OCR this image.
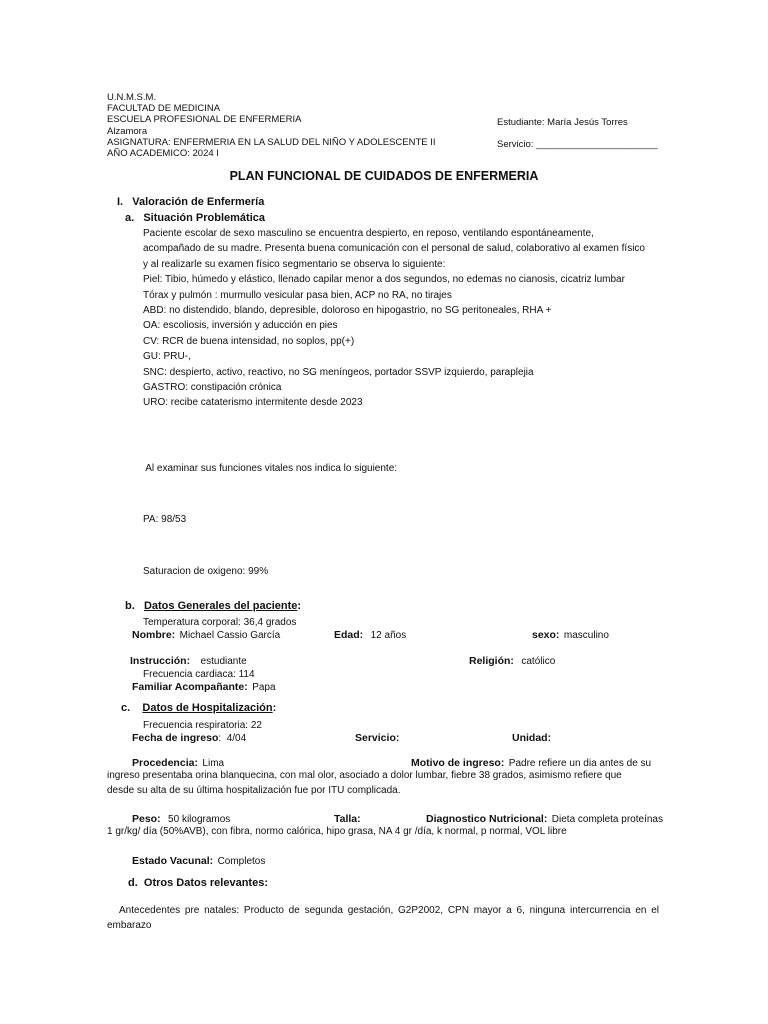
U.N.M.S.M.
FACULTAD DE MEDICINA
ESCUELA PROFESIONAL DE ENFERMERIA
Alzamora
ASIGNATURA: ENFERMERIA EN LA SALUD DEL NIÑO Y ADOLESCENTE II
AÑO ACADEMICO: 2024 I
Estudiante: María Jesús Torres
Servicio: _______________________
PLAN FUNCIONAL DE CUIDADOS DE ENFERMERIA
I.   Valoración de Enfermería
a.   Situación Problemática
Paciente escolar de sexo masculino se encuentra despierto, en reposo, ventilando espontáneamente,
acompañado de su madre. Presenta buena comunicación con el personal de salud, colaborativo al examen físico
y al realizarle su examen físico segmentario se observa lo siguiente:
Piel: Tibio, húmedo y elástico, llenado capilar menor a dos segundos, no edemas no cianosis, cicatriz lumbar
Tórax y pulmón : murmullo vesicular pasa bien, ACP no RA, no tirajes
ABD: no distendido, blando, depresible, doloroso en hipogastrio, no SG peritoneales, RHA +
OA: escoliosis, inversión y aducción en pies
CV: RCR de buena intensidad, no soplos, pp(+)
GU: PRU-,
SNC: despierto, activo, reactivo, no SG meníngeos, portador SSVP izquierdo, paraplejia
GASTRO: constipación crónica
URO: recibe cataterismo intermitente desde 2023

Al examinar sus funciones vitales nos indica lo siguiente:

PA: 98/53

Saturacion de oxigeno: 99%

Temperatura corporal: 36,4 grados

Frecuencia cardiaca: 114

Frecuencia respiratoria: 22

b. Datos Generales del paciente:
Nombre: Michael Cassio García	Edad: 12 años	sexo: masculino
Instrucción: estudiante	Religión: católico
Familiar Acompañante: Papa
c. Datos de Hospitalización:
Fecha de ingreso:  4/04	Servicio:	Unidad:
Procedencia: Lima	Motivo de ingreso: Padre refiere un dia antes de su
ingreso presentaba orina blanquecina, con mal olor, asociado a dolor lumbar, fiebre 38 grados, asimismo refiere que
desde su alta de su última hospitalización fue por ITU complicada.
Peso: 50 kilogramos	Talla:	Diagnostico Nutricional: Dieta completa proteínas
1 gr/kg/ día (50%AVB), con fibra, normo calórica, hipo grasa, NA 4 gr /día, k normal, p normal, VOL libre
Estado Vacunal: Completos
d.  Otros Datos relevantes:
Antecedentes pre natales: Producto de segunda gestación, G2P2002, CPN mayor a 6, ninguna intercurrencia en el embarazo
